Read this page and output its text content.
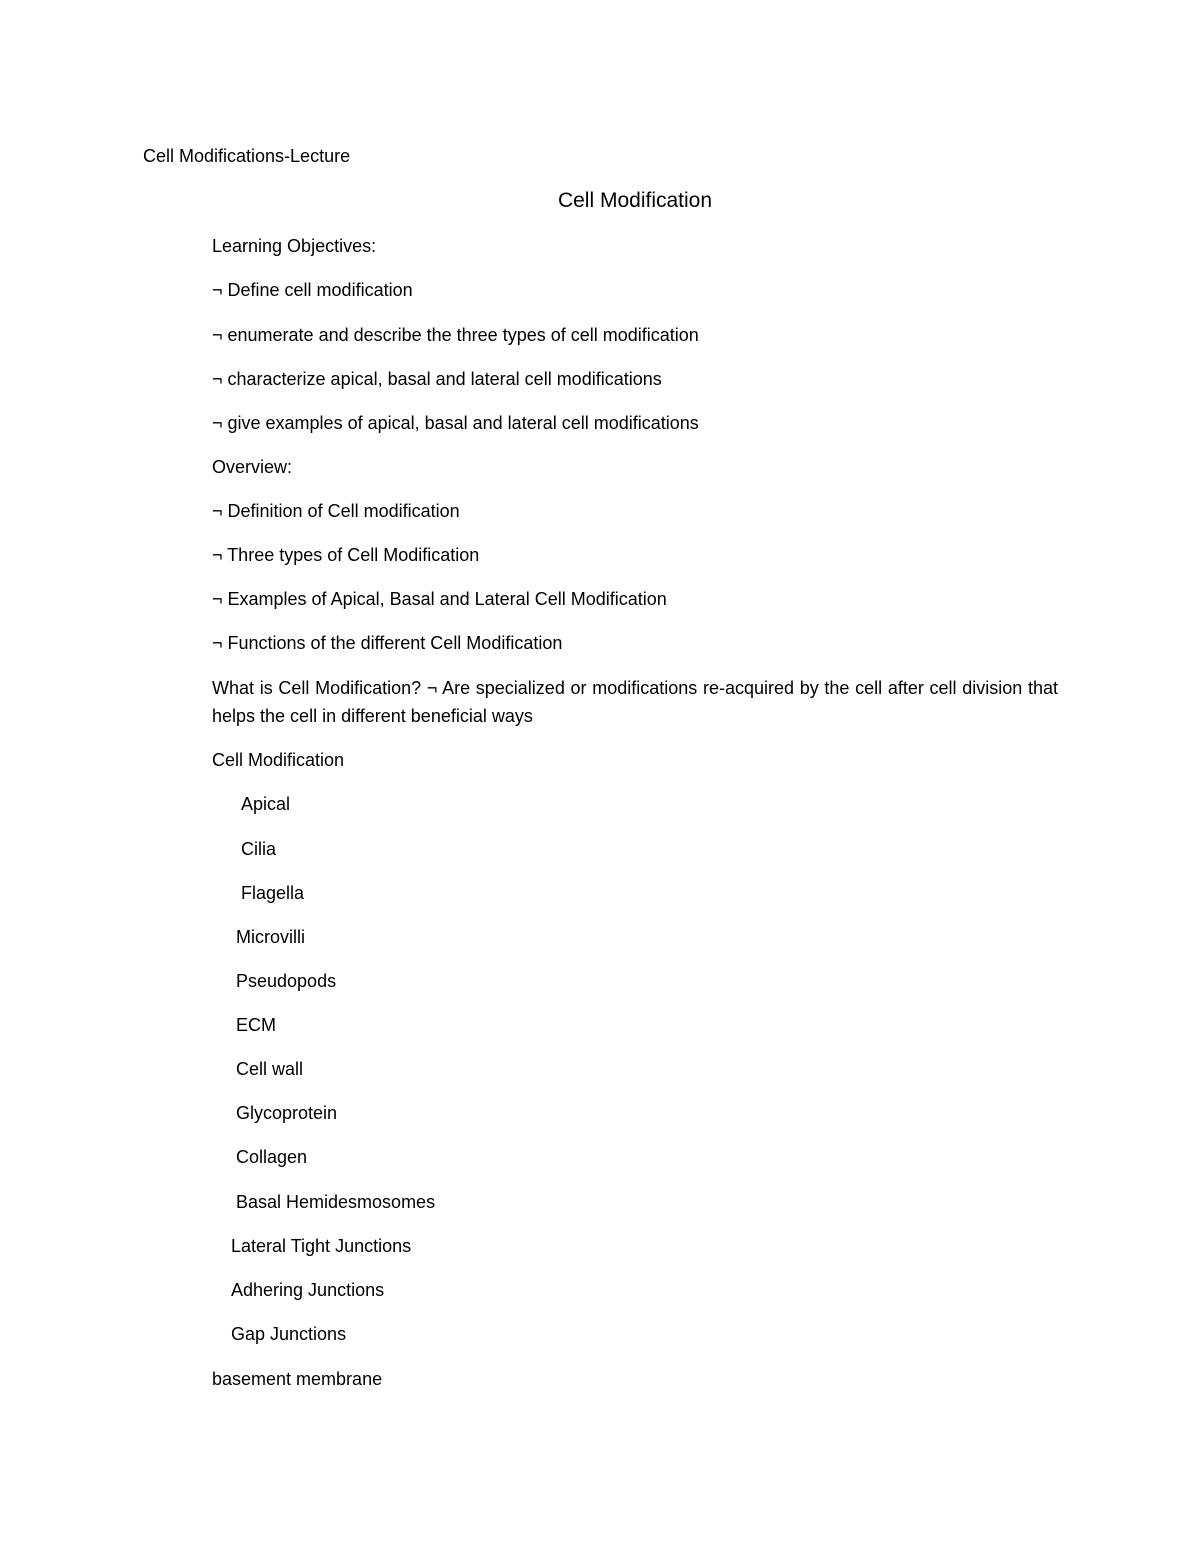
Cell Modifications-Lecture
Cell Modification
Learning Objectives:
¬ Define cell modification
¬ enumerate and describe the three types of cell modification
¬ characterize apical, basal and lateral cell modifications
¬ give examples of apical, basal and lateral cell modifications
Overview:
¬ Definition of Cell modification
¬ Three types of Cell Modification
¬ Examples of Apical, Basal and Lateral Cell Modification
¬ Functions of the different Cell Modification
What is Cell Modification? ¬ Are specialized or modifications re-acquired by the cell after cell division that helps the cell in different beneficial ways
Cell Modification
Apical
Cilia
Flagella
Microvilli
Pseudopods
ECM
Cell wall
Glycoprotein
Collagen
Basal Hemidesmosomes
Lateral Tight Junctions
Adhering Junctions
Gap Junctions
basement membrane
